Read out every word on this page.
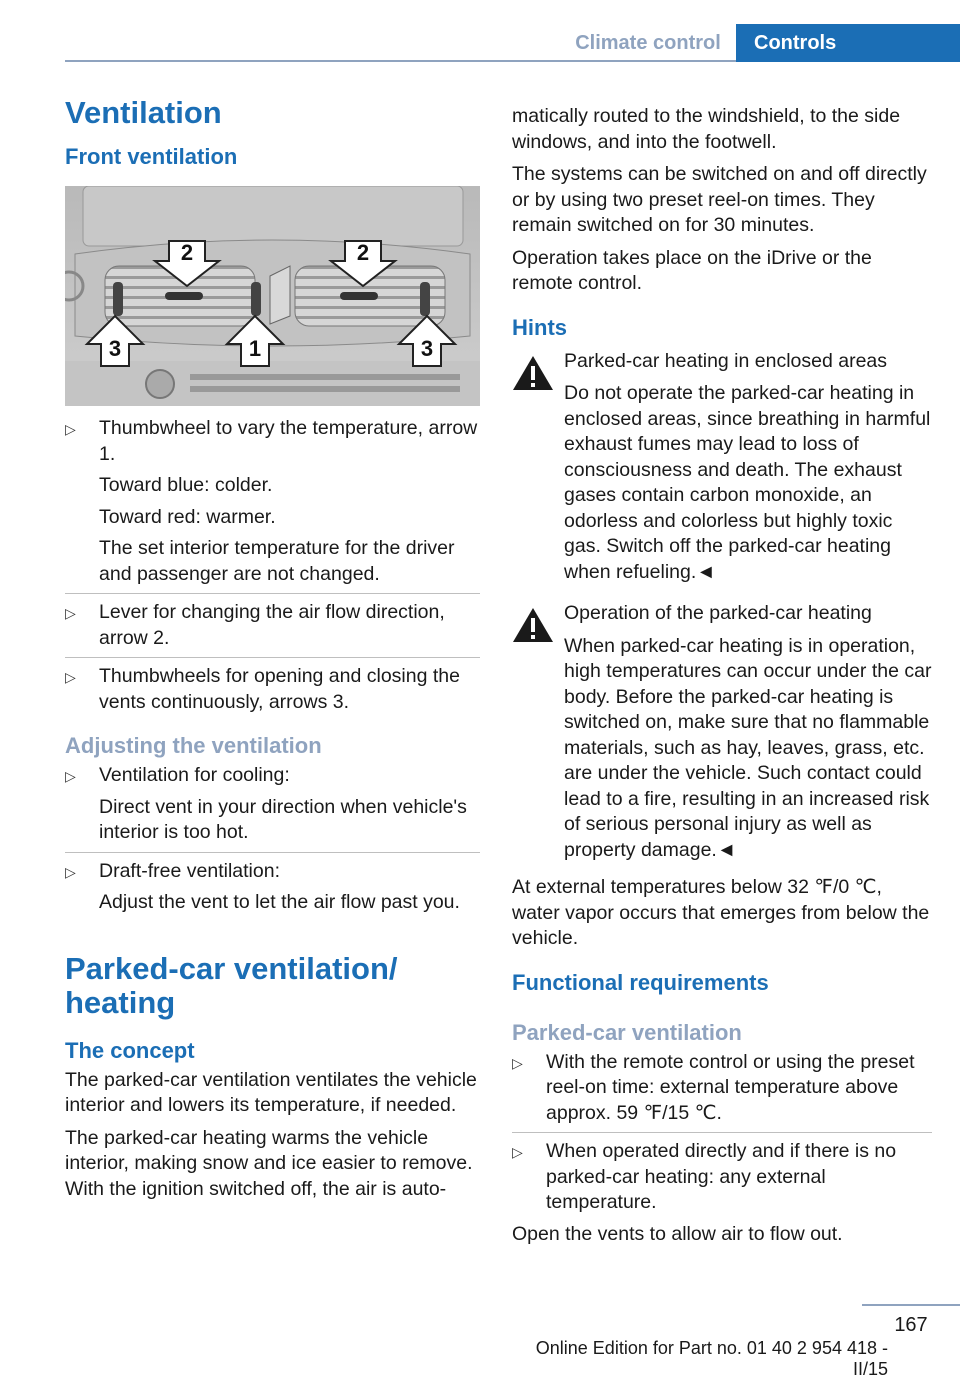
Climate control	Controls
Ventilation
Front ventilation
2	2
3	1	3
▷ Thumbwheel to vary the temperature, arrow 1.
Toward blue: colder.
Toward red: warmer.
The set interior temperature for the driver and passenger are not changed.
▷ Lever for changing the air flow direction, arrow 2.
▷ Thumbwheels for opening and closing the vents continuously, arrows 3.
Adjusting the ventilation
▷ Ventilation for cooling:
Direct vent in your direction when vehicle's interior is too hot.
▷ Draft-free ventilation:
Adjust the vent to let the air flow past you.
Parked-car ventilation/ heating
The concept
The parked-car ventilation ventilates the vehicle interior and lowers its temperature, if needed.
The parked-car heating warms the vehicle interior, making snow and ice easier to remove. With the ignition switched off, the air is auto-
matically routed to the windshield, to the side windows, and into the footwell.
The systems can be switched on and off directly or by using two preset reel-on times. They remain switched on for 30 minutes.
Operation takes place on the iDrive or the remote control.
Hints
Parked-car heating in enclosed areas
Do not operate the parked-car heating in enclosed areas, since breathing in harmful exhaust fumes may lead to loss of consciousness and death. The exhaust gases contain carbon monoxide, an odorless and colorless but highly toxic gas. Switch off the parked-car heating when refueling.◄
Operation of the parked-car heating
When parked-car heating is in operation, high temperatures can occur under the car body. Before the parked-car heating is switched on, make sure that no flammable materials, such as hay, leaves, grass, etc. are under the vehicle. Such contact could lead to a fire, resulting in an increased risk of serious personal injury as well as property damage.◄
At external temperatures below 32 ℉/0 ℃, water vapor occurs that emerges from below the vehicle.
Functional requirements
Parked-car ventilation
▷ With the remote control or using the preset reel-on time: external temperature above approx. 59 ℉/15 ℃.
▷ When operated directly and if there is no parked-car heating: any external temperature.
Open the vents to allow air to flow out.
167
Online Edition for Part no. 01 40 2 954 418 - II/15
